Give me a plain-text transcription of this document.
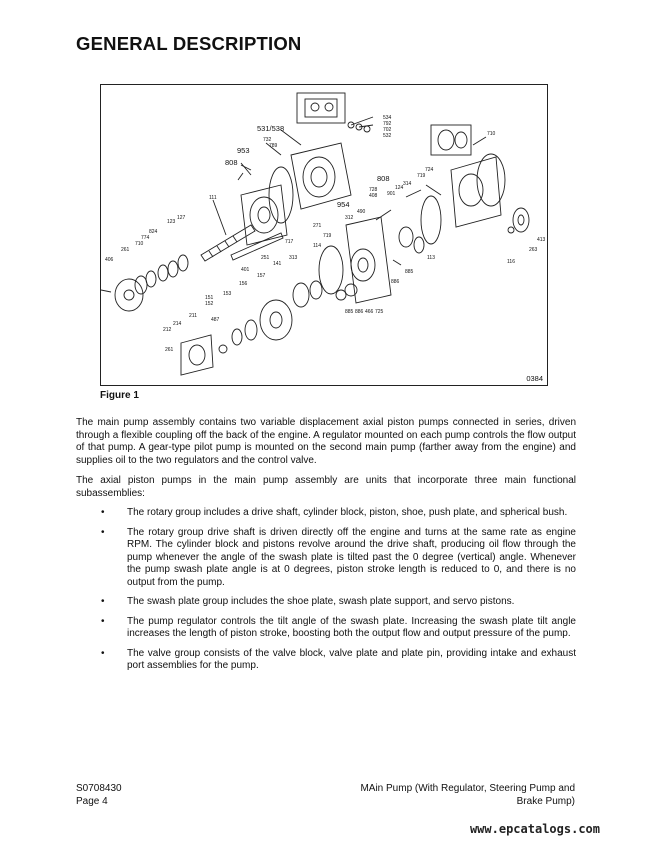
GENERAL DESCRIPTION
534
792
702
532
531/538
732
789
953
808
271
728
408
808
954
490
312
124
901
314
724
719
710
111
127
123
824
774
710
261
406
717
401
251
141
157
156
153
151
152
211
214
212
313
114
719
885 886 466 725
886
885
113
116
263
413
487
261
0384
Figure 1

The main pump assembly contains two variable displacement axial piston pumps connected in series, driven through a flexible coupling off the back of the engine. A regulator mounted on each pump controls the flow output of that pump. A gear-type pilot pump is mounted on the second main pump (farther away from the engine) and supplies oil to the two regulators and the control valve.

The axial piston pumps in the main pump assembly are units that incorporate three main functional subassemblies:

• The rotary group includes a drive shaft, cylinder block, piston, shoe, push plate, and spherical bush.
• The rotary group drive shaft is driven directly off the engine and turns at the same rate as engine RPM. The cylinder block and pistons revolve around the drive shaft, producing oil flow through the pump whenever the angle of the swash plate is tilted past the 0 degree (vertical) angle. Whenever the pump swash plate angle is at 0 degrees, piston stroke length is reduced to 0, and there is no output from the pump.
• The swash plate group includes the shoe plate, swash plate support, and servo pistons.
• The pump regulator controls the tilt angle of the swash plate. Increasing the swash plate tilt angle increases the length of piston stroke, boosting both the output flow and output pressure of the pump.
• The valve group consists of the valve block, valve plate and plate pin, providing intake and exhaust port assemblies for the pump.
S0708430
Page 4
MAin Pump (With Regulator, Steering Pump and
Brake Pump)
www.epcatalogs.com
